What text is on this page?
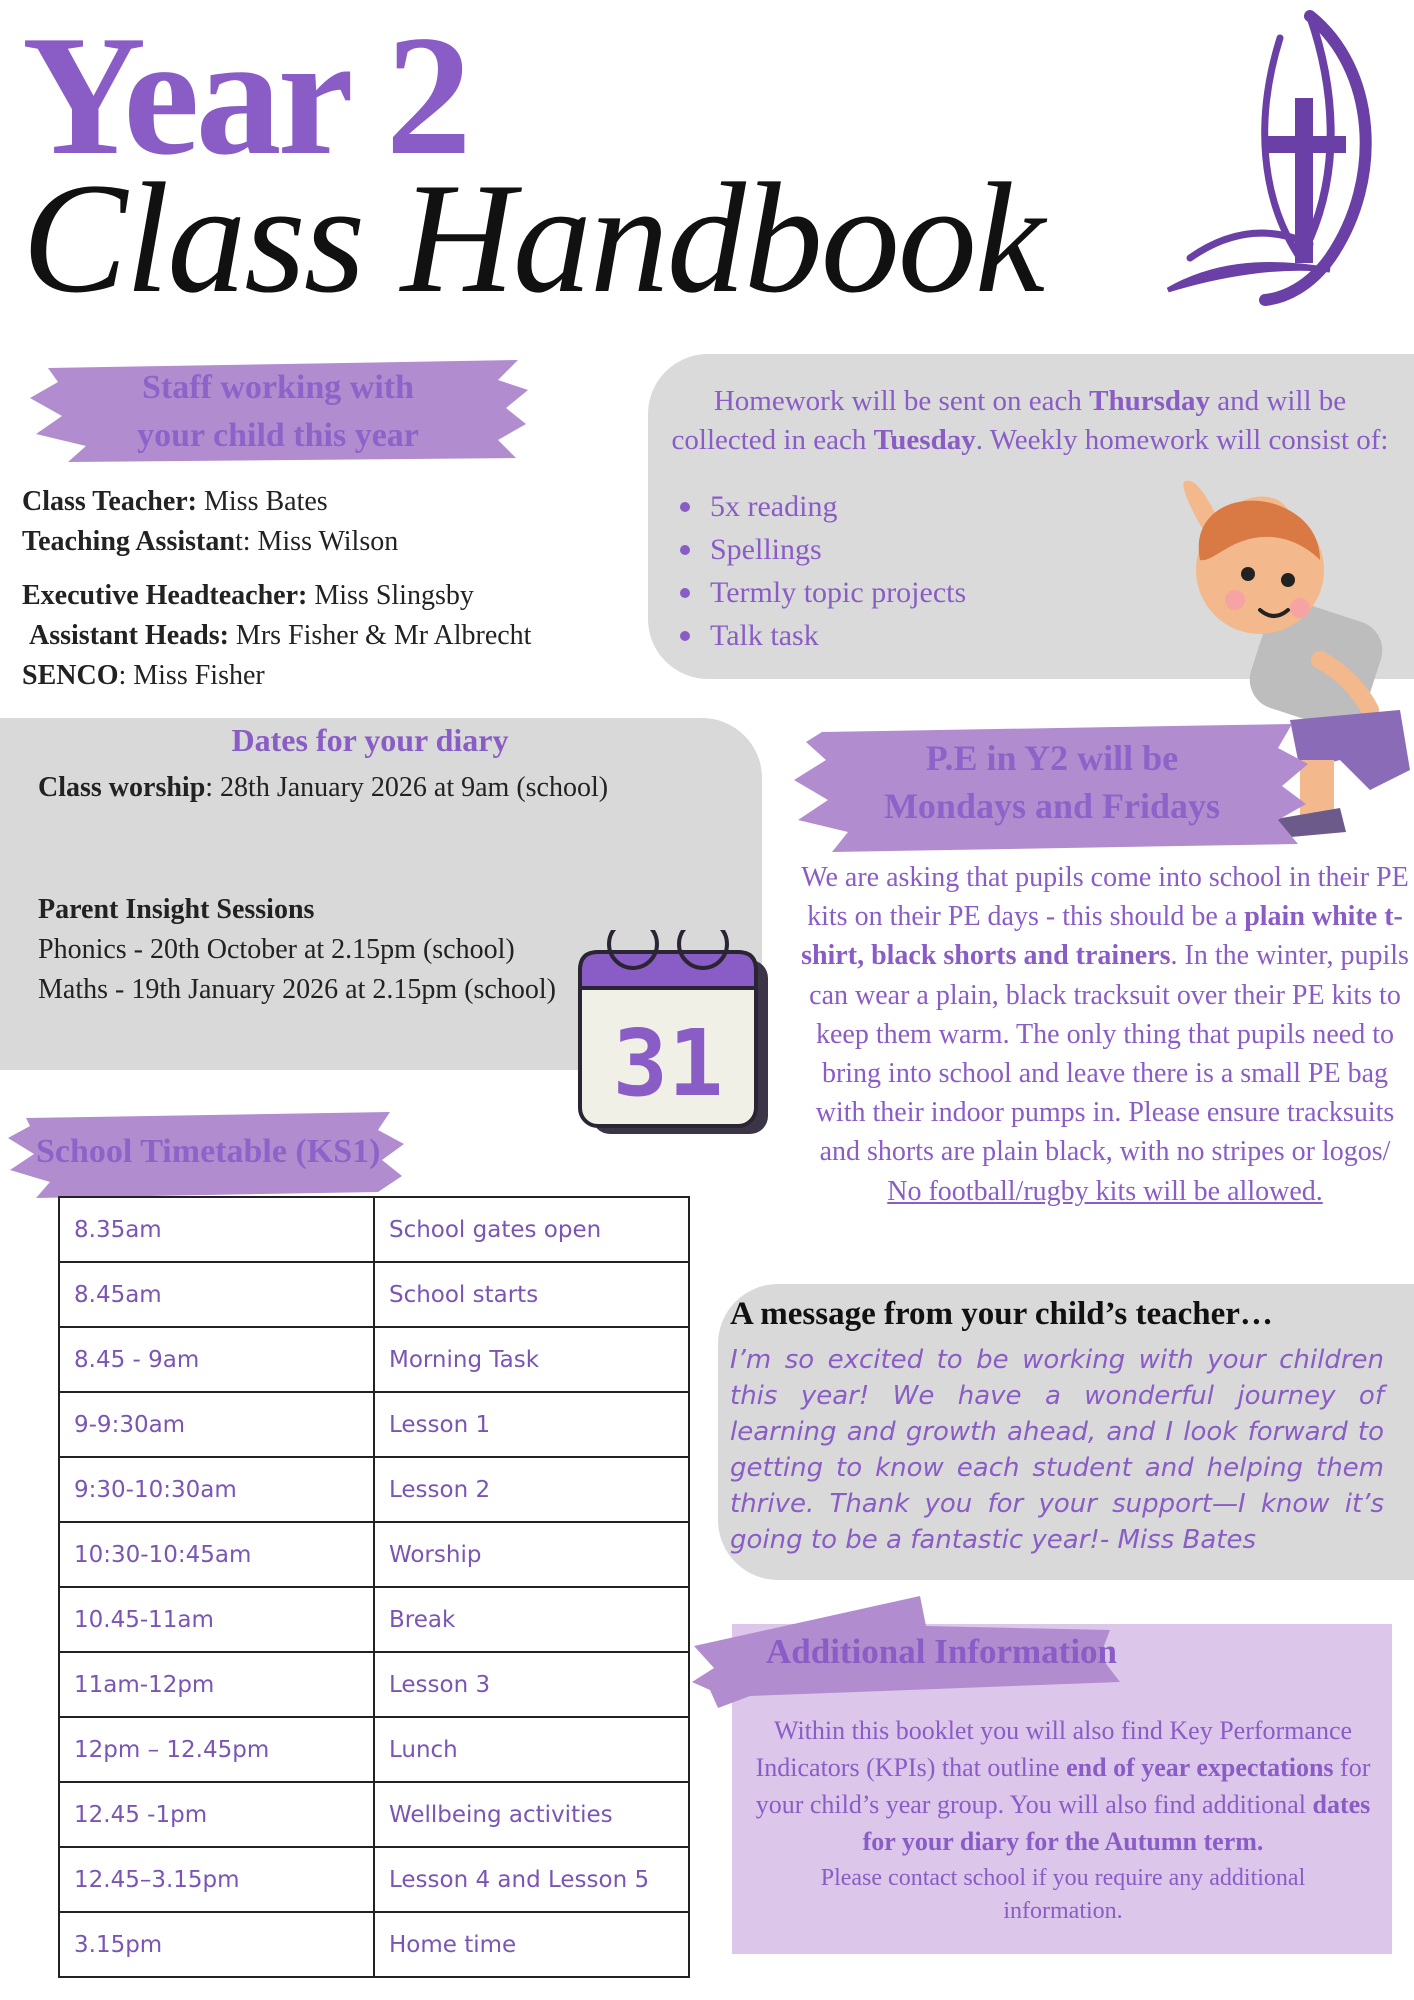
Year 2
Class Handbook
Staff working with
your child this year
Class Teacher: Miss Bates
Teaching Assistant: Miss Wilson
Executive Headteacher: Miss Slingsby
Assistant Heads: Mrs Fisher & Mr Albrecht
SENCO: Miss Fisher
Homework will be sent on each Thursday and will be collected in each Tuesday. Weekly homework will consist of:
5x reading
Spellings
Termly topic projects
Talk task
Dates for your diary
Class worship: 28th January 2026 at 9am (school)
Parent Insight Sessions
Phonics - 20th October at 2.15pm (school)
Maths - 19th January 2026 at 2.15pm (school)
31
P.E in Y2 will be
Mondays and Fridays
We are asking that pupils come into school in their PE kits on their PE days - this should be a plain white t-shirt, black shorts and trainers. In the winter, pupils can wear a plain, black tracksuit over their PE kits to keep them warm. The only thing that pupils need to bring into school and leave there is a small PE bag with their indoor pumps in. Please ensure tracksuits and shorts are plain black, with no stripes or logos/ No football/rugby kits will be allowed.
School Timetable (KS1)
8.35am	School gates open
8.45am	School starts
8.45 - 9am	Morning Task
9-9:30am	Lesson 1
9:30-10:30am	Lesson 2
10:30-10:45am	Worship
10.45-11am	Break
11am-12pm	Lesson 3
12pm – 12.45pm	Lunch
12.45 -1pm	Wellbeing activities
12.45–3.15pm	Lesson 4 and Lesson 5
3.15pm	Home time
A message from your child’s teacher…
I’m so excited to be working with your children this year! We have a wonderful journey of learning and growth ahead, and I look forward to getting to know each student and helping them thrive. Thank you for your support—I know it’s going to be a fantastic year!- Miss Bates
Additional Information
Within this booklet you will also find Key Performance Indicators (KPIs) that outline end of year expectations for your child’s year group. You will also find additional dates for your diary for the Autumn term.
Please contact school if you require any additional information.
